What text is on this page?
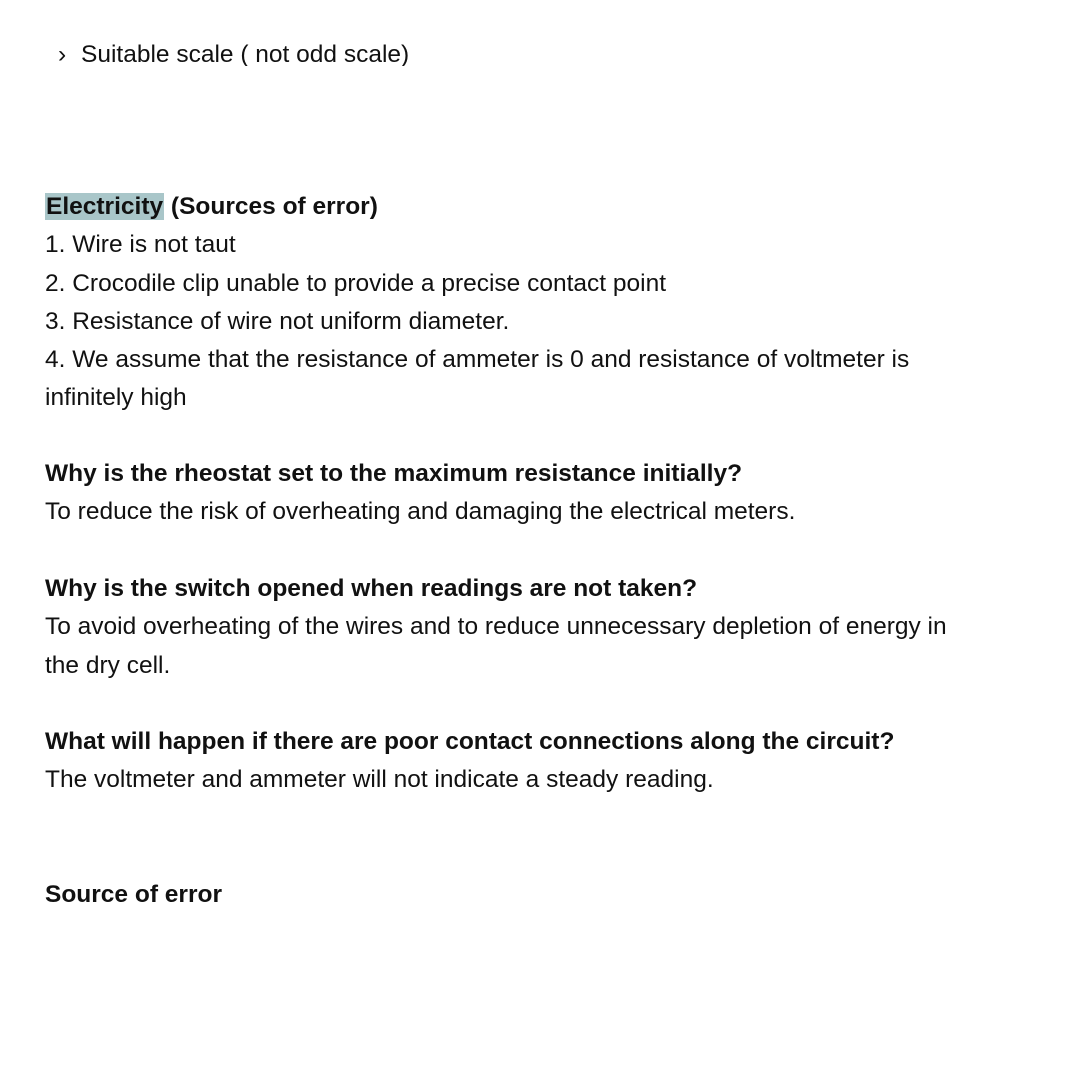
› Suitable scale ( not odd scale)
Electricity (Sources of error)
1. Wire is not taut
2. Crocodile clip unable to provide a precise contact point
3. Resistance of wire not uniform diameter.
4. We assume that the resistance of ammeter is 0 and resistance of voltmeter is infinitely high
Why is the rheostat set to the maximum resistance initially?
To reduce the risk of overheating and damaging the electrical meters.
Why is the switch opened when readings are not taken?
To avoid overheating of the wires and to reduce unnecessary depletion of energy in the dry cell.
What will happen if there are poor contact connections along the circuit?
The voltmeter and ammeter will not indicate a steady reading.
Source of error
